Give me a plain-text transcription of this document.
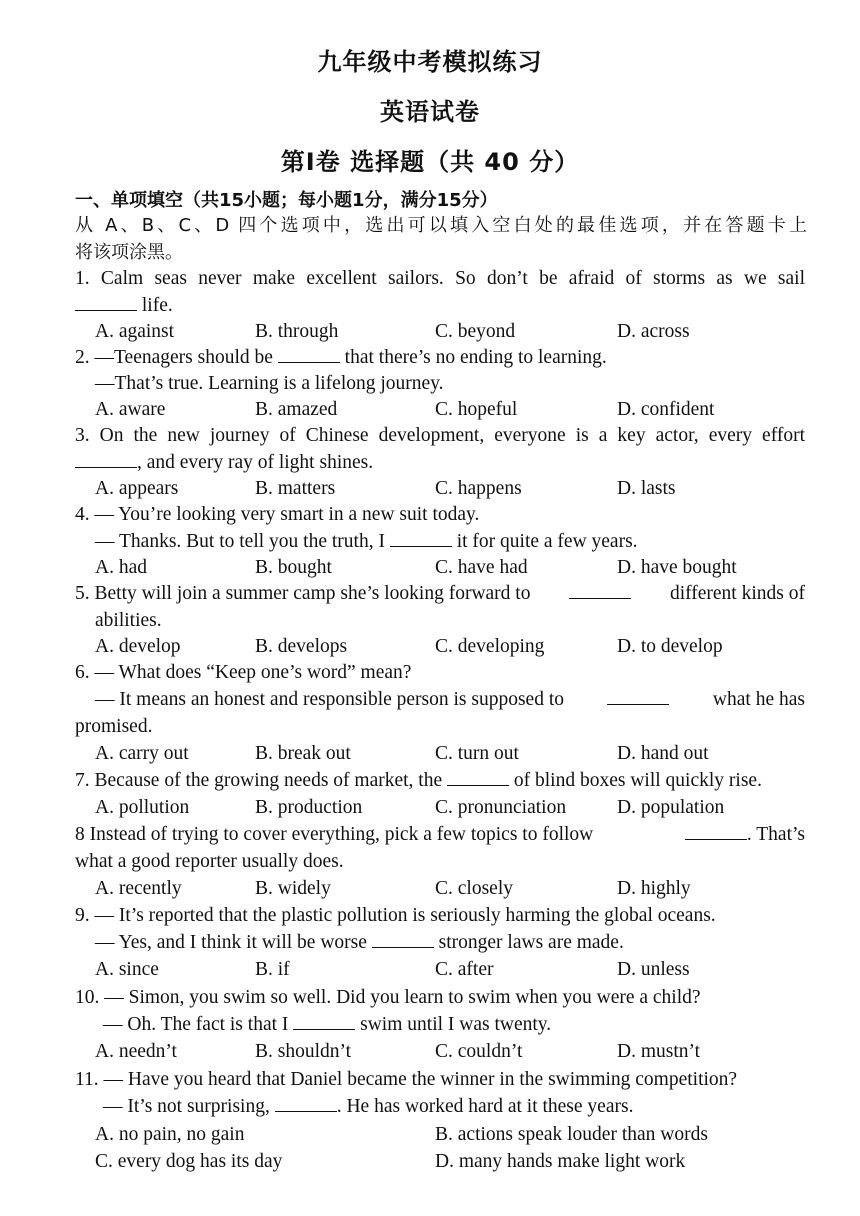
九年级中考模拟练习
英语试卷
第Ⅰ卷 选择题（共 40 分）
一、单项填空（共15小题；每小题1分，满分15分）
从 A、B、C、D 四个选项中，选出可以填入空白处的最佳选项，并在答题卡上
将该项涂黑。
1. Calm seas never make excellent sailors. So don’t be afraid of storms as we sail
life.
A. against	B. through	C. beyond	D. across
2. —Teenagers should be	that there’s no ending to learning.
—That’s true. Learning is a lifelong journey.
A. aware	B. amazed	C. hopeful	D. confident
3. On the new journey of Chinese development, everyone is a key actor, every effort
, and every ray of light shines.
A. appears	B. matters	C. happens	D. lasts
4. — You’re looking very smart in a new suit today.
— Thanks. But to tell you the truth, I	it for quite a few years.
A. had	B. bought	C. have had	D. have bought
5. Betty will join a summer camp she’s looking forward to	different kinds of
abilities.
A. develop	B. develops	C. developing	D. to develop
6. — What does “Keep one’s word” mean?
— It means an honest and responsible person is supposed to	what he has
promised.
A. carry out	B. break out	C. turn out	D. hand out
7. Because of the growing needs of market, the	of blind boxes will quickly rise.
A. pollution	B. production	C. pronunciation	D. population
8 Instead of trying to cover everything, pick a few topics to follow	. That’s
what a good reporter usually does.
A. recently	B. widely	C. closely	D. highly
9. — It’s reported that the plastic pollution is seriously harming the global oceans.
— Yes, and I think it will be worse	stronger laws are made.
A. since	B. if	C. after	D. unless
10. — Simon, you swim so well. Did you learn to swim when you were a child?
— Oh. The fact is that I	swim until I was twenty.
A. needn’t	B. shouldn’t	C. couldn’t	D. mustn’t
11. — Have you heard that Daniel became the winner in the swimming competition?
— It’s not surprising,	. He has worked hard at it these years.
A. no pain, no gain	B. actions speak louder than words
C. every dog has its day	D. many hands make light work
